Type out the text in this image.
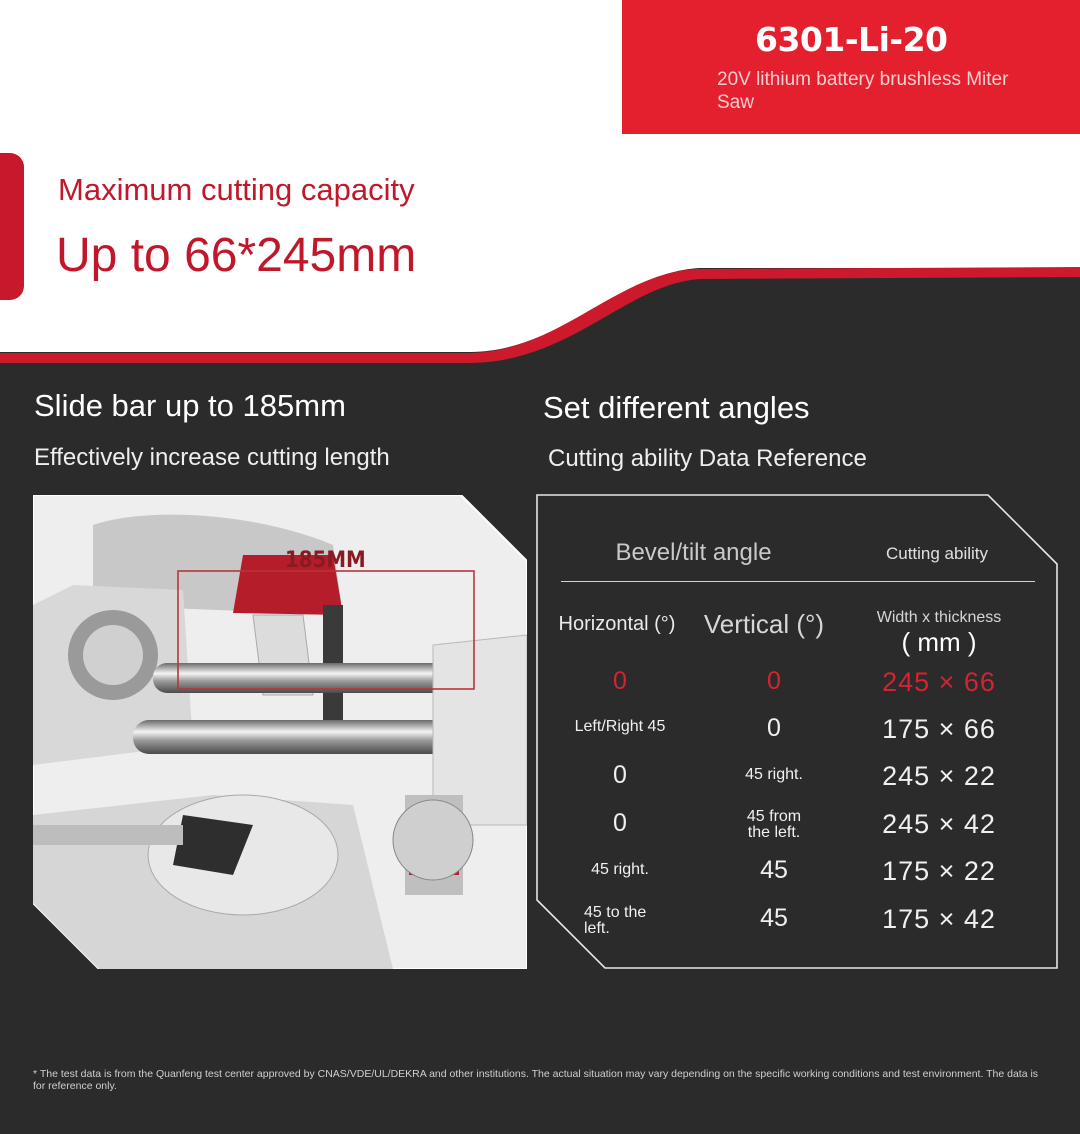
6301-Li-20
20V lithium battery brushless Miter Saw
Maximum cutting capacity
Up to 66*245mm
Slide bar up to 185mm
Effectively increase cutting length
Set different angles
Cutting ability Data Reference
185MM	Bevel/tilt angle	Cutting ability
Horizontal (°)	Vertical (°)	Width x thickness
( mm )
0	0	245 × 66
Left/Right 45	0	175 × 66
0	45 right.	245 × 22
0	45 from the left.	245 × 42
45 right.	45	175 × 22
45 to the left.	45	175 × 42
* The test data is from the Quanfeng test center approved by CNAS/VDE/UL/DEKRA and other institutions. The actual situation may vary depending on the specific working conditions and test environment. The data is for reference only.
